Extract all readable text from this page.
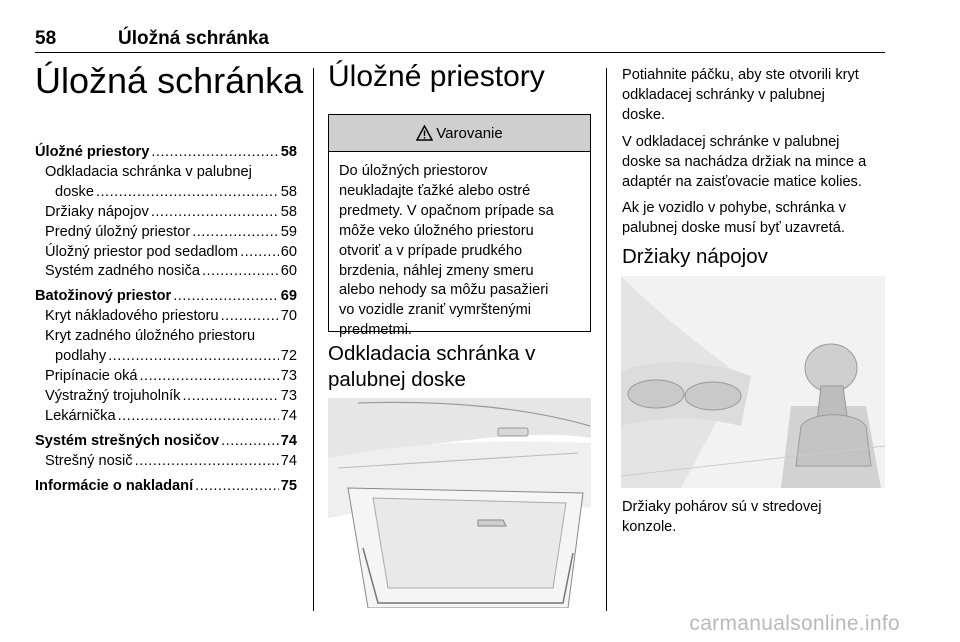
58	Úložná schránka
Úložná schránka
Úložné priestory .....	58
Odkladacia schránka v palubnej
doske .....	58
Držiaky nápojov .....	58
Predný úložný priestor .....	59
Úložný priestor pod sedadlom .....	60
Systém zadného nosiča .....	60
Batožinový priestor .....	69
Kryt nákladového priestoru .....	70
Kryt zadného úložného priestoru
podlahy .....	72
Pripínacie oká .....	73
Výstražný trojuholník .....	73
Lekárnička .....	74
Systém strešných nosičov .....	74
Strešný nosič .....	74
Informácie o nakladaní .....	75
Úložné priestory
Varovanie
Do úložných priestorov
neukladajte ťažké alebo ostré
predmety. V opačnom prípade sa
môže veko úložného priestoru
otvoriť a v prípade prudkého
brzdenia, náhlej zmeny smeru
alebo nehody sa môžu pasažieri
vo vozidle zraniť vymrštenými
predmetmi.
Odkladacia schránka v
palubnej doske

Potiahnite páčku, aby ste otvorili kryt
odkladacej schránky v palubnej
doske.

V odkladacej schránke v palubnej
doske sa nachádza držiak na mince a
adaptér na zaisťovacie matice kolies.

Ak je vozidlo v pohybe, schránka v
palubnej doske musí byť uzavretá.

Držiaky nápojov
Držiaky pohárov sú v stredovej
konzole.
carmanualsonline.info
